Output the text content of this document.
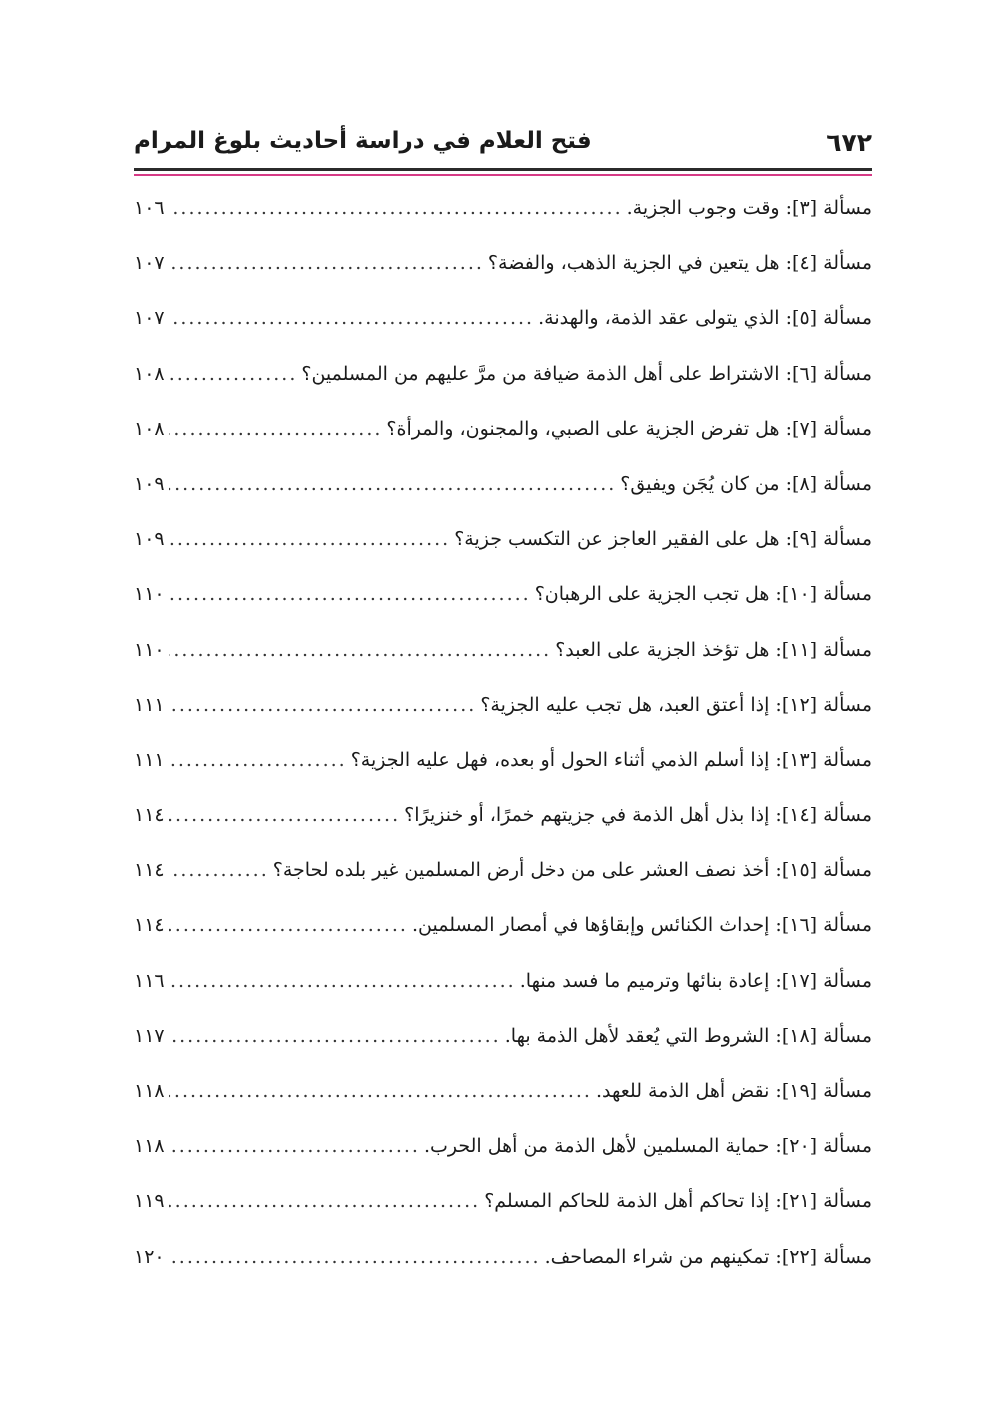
٦٧٢
فتح العلام في دراسة أحاديث بلوغ المرام
مسألة [٣]: وقت وجوب الجزية.
.....
١٠٦
مسألة [٤]: هل يتعين في الجزية الذهب، والفضة؟
.....
١٠٧
مسألة [٥]: الذي يتولى عقد الذمة، والهدنة.
.....
١٠٧
مسألة [٦]: الاشتراط على أهل الذمة ضيافة من مرَّ عليهم من المسلمين؟
.....
١٠٨
مسألة [٧]: هل تفرض الجزية على الصبي، والمجنون، والمرأة؟
.....
١٠٨
مسألة [٨]: من كان يُجَن ويفيق؟
.....
١٠٩
مسألة [٩]: هل على الفقير العاجز عن التكسب جزية؟
.....
١٠٩
مسألة [١٠]: هل تجب الجزية على الرهبان؟
.....
١١٠
مسألة [١١]: هل تؤخذ الجزية على العبد؟
.....
١١٠
مسألة [١٢]: إذا أعتق العبد، هل تجب عليه الجزية؟
.....
١١١
مسألة [١٣]: إذا أسلم الذمي أثناء الحول أو بعده، فهل عليه الجزية؟
.....
١١١
مسألة [١٤]: إذا بذل أهل الذمة في جزيتهم خمرًا، أو خنزيرًا؟
.....
١١٤
مسألة [١٥]: أخذ نصف العشر على من دخل أرض المسلمين غير بلده لحاجة؟
.....
١١٤
مسألة [١٦]: إحداث الكنائس وإبقاؤها في أمصار المسلمين.
.....
١١٤
مسألة [١٧]: إعادة بنائها وترميم ما فسد منها.
.....
١١٦
مسألة [١٨]: الشروط التي يُعقد لأهل الذمة بها.
.....
١١٧
مسألة [١٩]: نقض أهل الذمة للعهد.
.....
١١٨
مسألة [٢٠]: حماية المسلمين لأهل الذمة من أهل الحرب.
.....
١١٨
مسألة [٢١]: إذا تحاكم أهل الذمة للحاكم المسلم؟
.....
١١٩
مسألة [٢٢]: تمكينهم من شراء المصاحف.
.....
١٢٠
